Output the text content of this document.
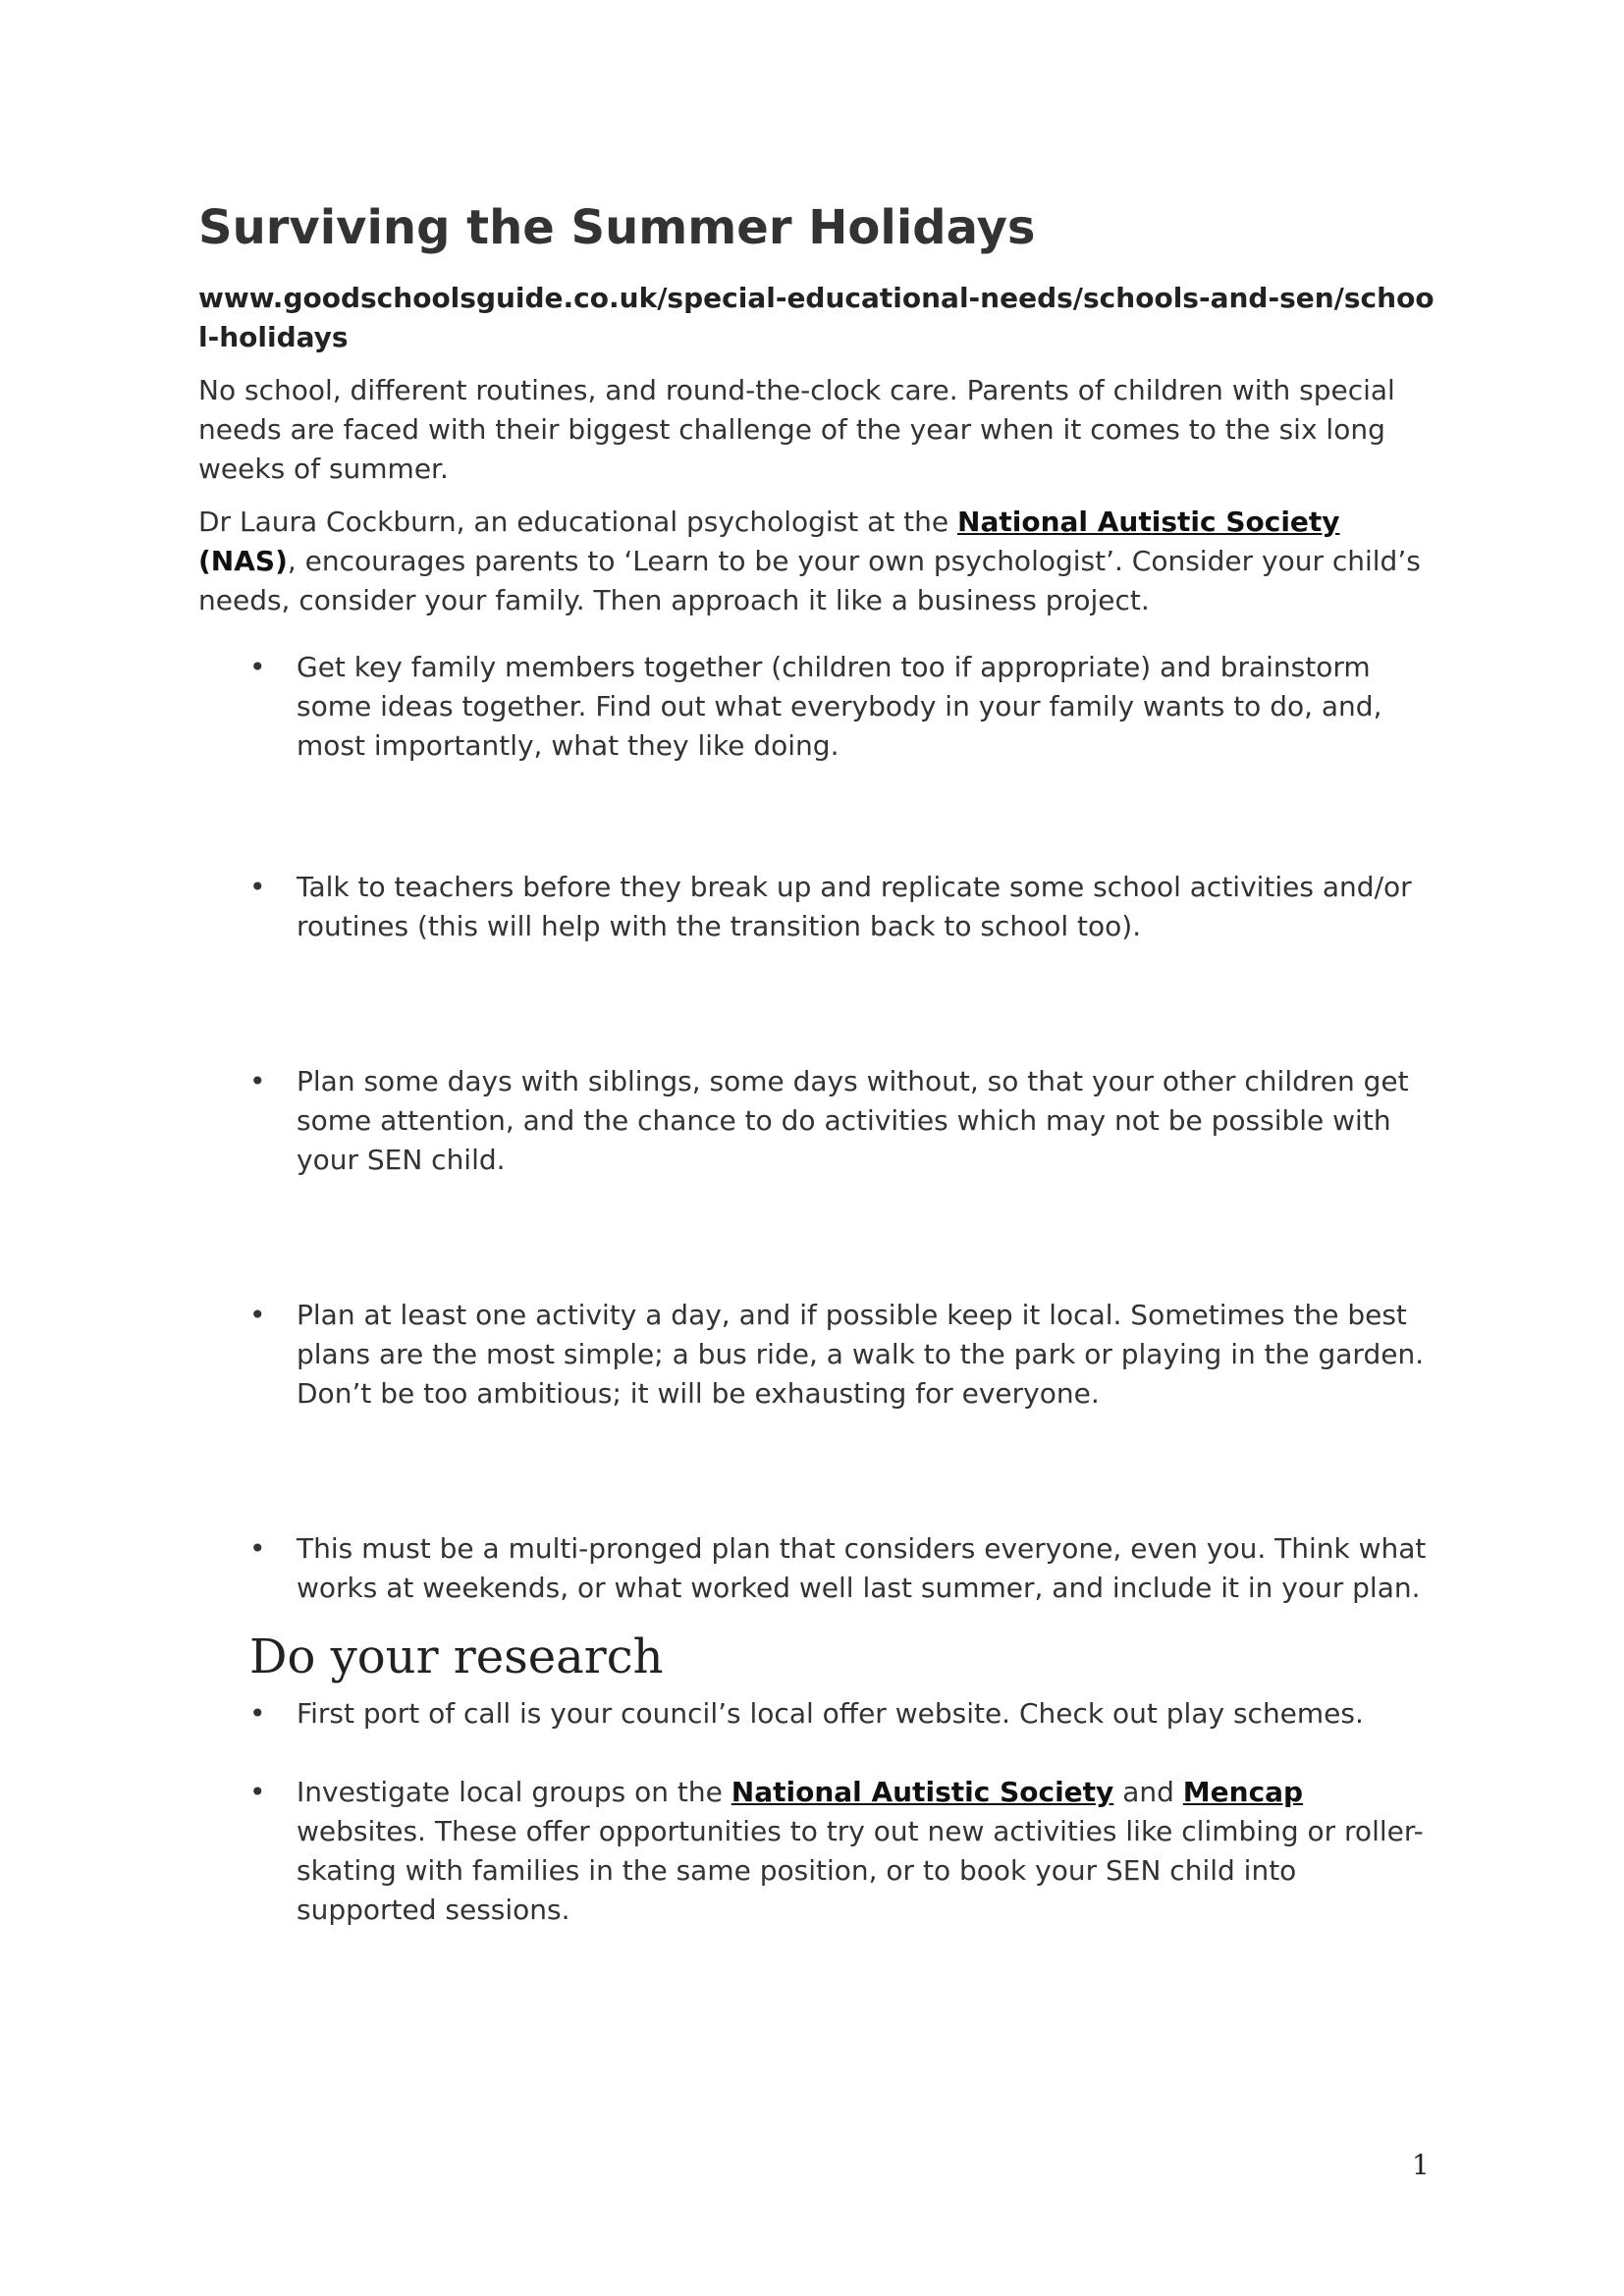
Surviving the Summer Holidays

www.goodschoolsguide.co.uk/special-educational-needs/schools-and-sen/school-holidays

No school, different routines, and round-the-clock care. Parents of children with special needs are faced with their biggest challenge of the year when it comes to the six long weeks of summer.

Dr Laura Cockburn, an educational psychologist at the National Autistic Society (NAS), encourages parents to ‘Learn to be your own psychologist’. Consider your child’s needs, consider your family. Then approach it like a business project.

• Get key family members together (children too if appropriate) and brainstorm some ideas together. Find out what everybody in your family wants to do, and, most importantly, what they like doing.
• Talk to teachers before they break up and replicate some school activities and/or routines (this will help with the transition back to school too).
• Plan some days with siblings, some days without, so that your other children get some attention, and the chance to do activities which may not be possible with your SEN child.
• Plan at least one activity a day, and if possible keep it local. Sometimes the best plans are the most simple; a bus ride, a walk to the park or playing in the garden. Don’t be too ambitious; it will be exhausting for everyone.
• This must be a multi-pronged plan that considers everyone, even you. Think what works at weekends, or what worked well last summer, and include it in your plan.
Do your research
• First port of call is your council’s local offer website. Check out play schemes.
• Investigate local groups on the National Autistic Society and Mencap websites. These offer opportunities to try out new activities like climbing or roller-skating with families in the same position, or to book your SEN child into supported sessions.
1
